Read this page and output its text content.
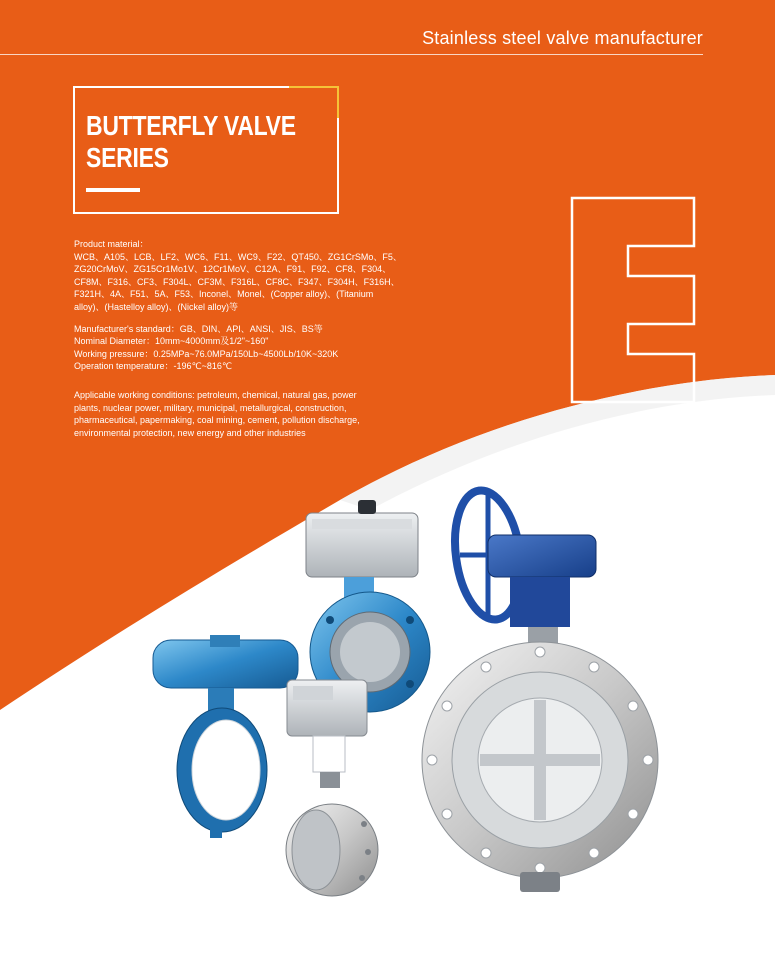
Stainless steel valve manufacturer
BUTTERFLY VALVE
SERIES

Product material：

WCB、A105、LCB、LF2、WC6、F11、WC9、F22、QT450、ZG1CrSMo、F5、

ZG20CrMoV、ZG15Cr1Mo1V、12Cr1MoV、C12A、F91、F92、CF8、F304、

CF8M、F316、CF3、F304L、CF3M、F316L、CF8C、F347、F304H、F316H、

F321H、4A、F51、5A、F53、Inconel、Monel、(Copper alloy)、(Titanium

alloy)、(Hastelloy alloy)、(Nickel alloy)等

Manufacturer's standard：GB、DIN、API、ANSI、JIS、BS等

Nominal Diameter：10mm~4000mm及1/2"~160"

Working pressure：0.25MPa~76.0MPa/150Lb~4500Lb/10K~320K

Operation temperature：-196℃~816℃

Applicable working conditions: petroleum, chemical, natural gas, power

plants, nuclear power, military, municipal, metallurgical, construction,

pharmaceutical, papermaking, coal mining, cement, pollution discharge,

environmental protection, new energy and other industries
